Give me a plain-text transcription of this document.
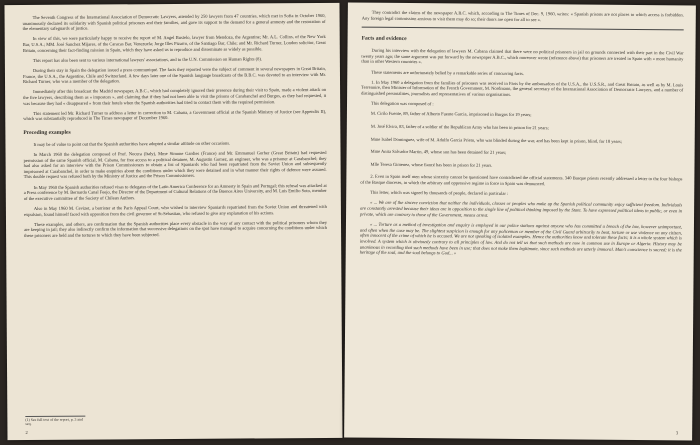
The Seventh Congress of the International Association of Democratic Lawyers, attended by 250 lawyers from 47 countries, which met in Sofia in October 1960, unanimously declared its solidarity with Spanish political prisoners and their families, and gave its support to the demand for a general amnesty and the restoration of the elementary safeguards of justice.

In view of this, we were particularly happy to receive the report of M. Angel Bustelo, lawyer from Mendoza, the Argentine; Mr. A.L. Collins, of the New York Bar, U.S.A.; MM. José Sanchez Mijares, of the Caracas Bar, Venezuela; Jorge Illes Pizarro, of the Santiago Bar, Chile; and Mr. Richard Turner, London solicitor, Great Britain, concerning their fact-finding mission in Spain, which they have asked us to reproduce and disseminate as widely as possible.

This report has also been sent to various international lawyers' associations, and to the U.N. Commission on Human Rights (8).

During their stay in Spain the delegation issued a press communiqué. The facts they reported were the subject of comment in several newspapers in Great Britain, France, the U.S.A., the Argentine, Chile and Switzerland. A few days later one of the Spanish language broadcasts of the B.B.C. was devoted to an interview with Mr. Richard Turner, who was a member of the delegation.

Immediately after this broadcast the Madrid newspaper, A.B.C., which had completely ignored their presence during their visit to Spain, made a violent attack on the five lawyers, describing them as « impostors », and claiming that if they had not been able to visit the prisons of Carabanchel and Burgos, as they had requested, it was because they had « disappeared » from their hotels when the Spanish authorities had tried to contact them with the required permission.

This statement led Mr. Richard Turner to address a letter in correction to M. Cabana, a Government official at the Spanish Ministry of Justice (see Appendix II), which was substantially reproduced in The Times newspaper of December 1960.

Preceding examples

It may be of value to point out that the Spanish authorities have adopted a similar attitude on other occasions.

In March 1960 the delegation composed of Prof. Nocera (Italy), Mme Simone Gardies (France) and Mr. Emmanuel Gorber (Great Britain) had requested permission of the same Spanish official, M. Cabana, for free access to a political detainee, M. Augustin Gomez, an engineer, who was a prisoner at Carabanchel; they had also asked for an interview with the Prison Commissioners to obtain a list of Spaniards who had been repatriated from the Soviet Union and subsequently imprisoned at Carabanchel, in order to make enquiries about the conditions under which they were detained and in what manner their rights of defence were assured. This double request was refused both by the Ministry of Justice and the Prison Commissioners.

In May 1960 the Spanish authorities refused visas to delegates of the Latin America Conference for an Amnesty in Spain and Portugal; this refusal was attacked at a Press conference by M. Bernardo Canal Feejo, the Director of the Department of Cultural Relations of the Buenos Aires University, and M. Luis Emilio Soto, member of the executive committee of the Society of Chilean Authors.

Also in May 1960 M. Cevizet, a barrister at the Paris Appeal Court, who wished to interview Spaniards repatriated from the Soviet Union and threatened with expulsion, found himself faced with opposition from the civil governor of St-Sebastian, who refused to give any explanation of his actions.

These examples, and others, are confirmation that the Spanish authorities place every obstacle in the way of any contact with the political prisoners whom they are keeping in jail; they also indirectly confirm the information that successive delegations on the spot have managed to acquire concerning the conditions under which these prisoners are held and the tortures to which they have been subjected.

(1) See full text of the report, p. 3 and seq.
2

They contradict the claims of the newspaper A.B.C. which, according to The Times of Dec. 9, 1960, writes: « Spanish prisons are not places to which access is forbidden. Any foreign legal commission anxious to visit them may do so; their doors are open for all to see ».

Facts and evidence

During his interview with the delegation of lawyers M. Cabana claimed that there were no political prisoners in jail on grounds connected with their part in the Civil War twenty years ago; the same argument was put forward by the newspaper A.B.C., which moreover wrote (reference above) that prisoners are treated in Spain with « more humanity than in other Western countries ».

These statements are unfortunately belied by a remarkable series of concurring facts.

1. In May 1960 a delegation from the families of prisoners was received in Paris by the ambassadors of the U.S.A., the U.S.S.R., and Great Britain, as well as by M. Louis Terrenoire, then Minister of Information of the French Government, M. Nordmann, the general secretary of the International Association of Democratic Lawyers, and a number of distinguished personalities, journalists and representatives of various organisations.

This delegation was composed of :

M. Cirilo Fuente, 89, father of Alberto Fuente Garcia, imprisoned in Burgos for 19 years;
M. José Elvira, 83, father of a soldier of the Republican Army who has been in prison for 21 years;
Mme Isabel Dominguez, wife of M. Adolfo Garcia Prieto, who was blinded during the war, and has been kept in prison, blind, for 18 years;
Mme Anita Salvador Martin, 49, whose son has been detained for 21 years;
Mlle Teresa Gimenez, whose fiancé has been in prison for 21 years.

2. Even in Spain itself men whose sincerity cannot be questioned have contradicted the official statements. 340 Basque priests recently addressed a letter to the four bishops of the Basque dioceses, in which the arbitrary and oppressive regime in force in Spain was denounced.

This letter, which was signed by thousands of people, declared in particular :

« ... We are of the sincere conviction that neither the individuals, classes or peoples who make up the Spanish political community enjoy sufficient freedom. Individuals are constantly arrested because their ideas are in opposition to the single line of political thinking imposed by the State. To have expressed political ideas in public, or even in private, which are contrary to those of the Government, means arrest.

« ... Torture as a method of investigation and enquiry is employed in our police stations against anyone who has committed a breach of the law, however unimportant, and often when the case may be. The slightest suspicion is enough for any policeman or member of the Civil Guard arbitrarily to beat, torture or use violence on any citizen, often innocent of the crime of which he is accused. We are not speaking of isolated examples. Hence the authorities know and tolerate these facts; it is a whole system which is involved. A system which is obviously contrary to all principles of law. And do not tell us that such methods are now in common use in Europe or Algeria. History may be unanimous in recording that such methods have been in use; that does not make them legitimate, since such methods are utterly immoral. Man's conscience is sacred; it is the heritage of the soul, and the soul belongs to God... »

3
